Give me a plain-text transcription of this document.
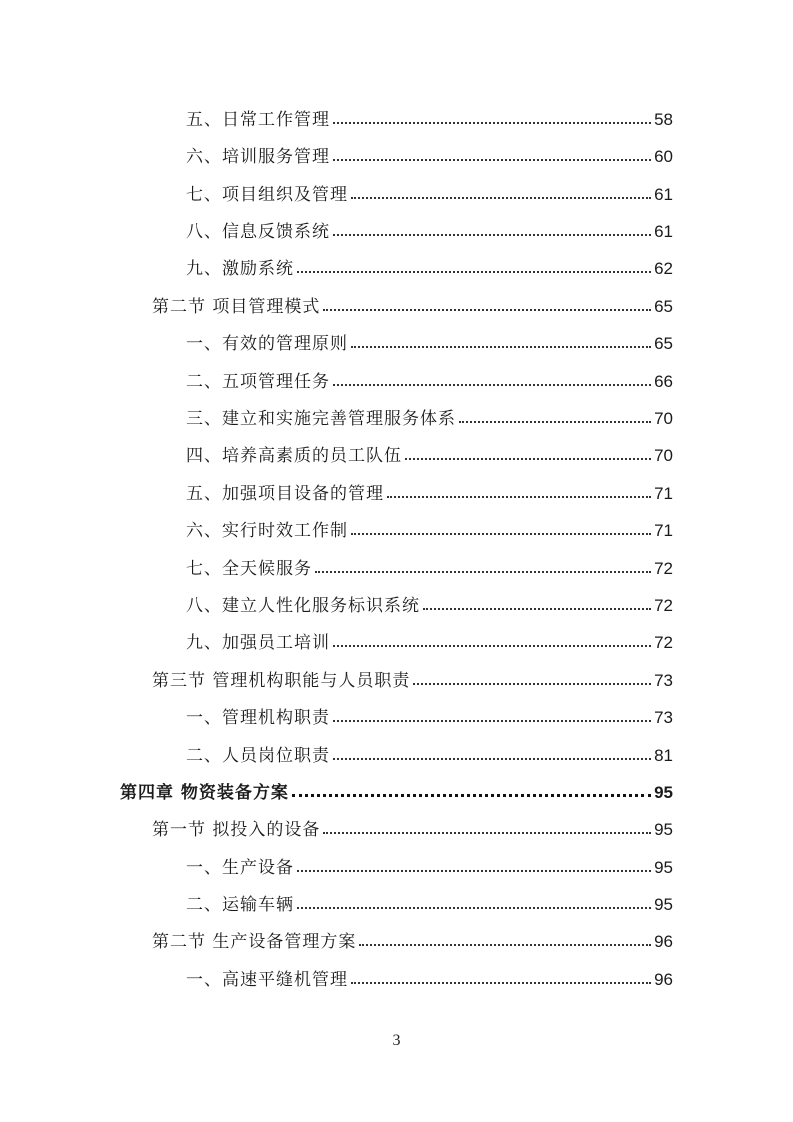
五、日常工作管理	58
六、培训服务管理	60
七、项目组织及管理	61
八、信息反馈系统	61
九、激励系统	62
第二节 项目管理模式	65
一、有效的管理原则	65
二、五项管理任务	66
三、建立和实施完善管理服务体系	70
四、培养高素质的员工队伍	70
五、加强项目设备的管理	71
六、实行时效工作制	71
七、全天候服务	72
八、建立人性化服务标识系统	72
九、加强员工培训	72
第三节 管理机构职能与人员职责	73
一、管理机构职责	73
二、人员岗位职责	81
第四章 物资装备方案	95
第一节 拟投入的设备	95
一、生产设备	95
二、运输车辆	95
第二节 生产设备管理方案	96
一、高速平缝机管理	96
3
